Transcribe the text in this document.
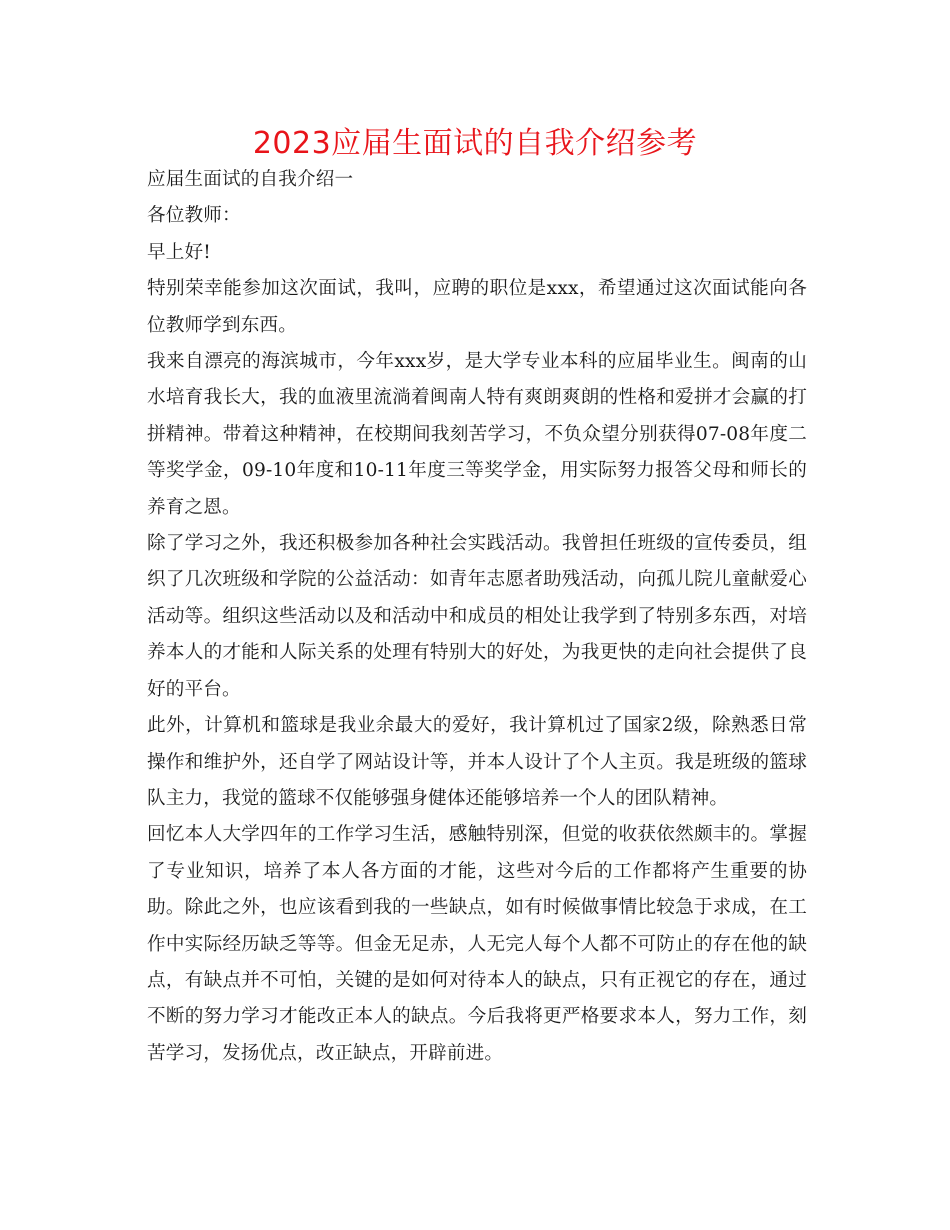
2023应届生面试的自我介绍参考

应届生面试的自我介绍一

各位教师：

早上好!

特别荣幸能参加这次面试，我叫，应聘的职位是xxx，希望通过这次面试能向各位教师学到东西。

我来自漂亮的海滨城市，今年xxx岁，是大学专业本科的应届毕业生。闽南的山水培育我长大，我的血液里流淌着闽南人特有爽朗爽朗的性格和爱拼才会赢的打拼精神。带着这种精神，在校期间我刻苦学习，不负众望分别获得07-08年度二等奖学金，09-10年度和10-11年度三等奖学金，用实际努力报答父母和师长的养育之恩。

除了学习之外，我还积极参加各种社会实践活动。我曾担任班级的宣传委员，组织了几次班级和学院的公益活动：如青年志愿者助残活动，向孤儿院儿童献爱心活动等。组织这些活动以及和活动中和成员的相处让我学到了特别多东西，对培养本人的才能和人际关系的处理有特别大的好处，为我更快的走向社会提供了良好的平台。

此外，计算机和篮球是我业余最大的爱好，我计算机过了国家2级，除熟悉日常操作和维护外，还自学了网站设计等，并本人设计了个人主页。我是班级的篮球队主力，我觉的篮球不仅能够强身健体还能够培养一个人的团队精神。

回忆本人大学四年的工作学习生活，感触特别深，但觉的收获依然颇丰的。掌握了专业知识，培养了本人各方面的才能，这些对今后的工作都将产生重要的协助。除此之外，也应该看到我的一些缺点，如有时候做事情比较急于求成，在工作中实际经历缺乏等等。但金无足赤，人无完人每个人都不可防止的存在他的缺点，有缺点并不可怕，关键的是如何对待本人的缺点，只有正视它的存在，通过不断的努力学习才能改正本人的缺点。今后我将更严格要求本人，努力工作，刻苦学习，发扬优点，改正缺点，开辟前进。
